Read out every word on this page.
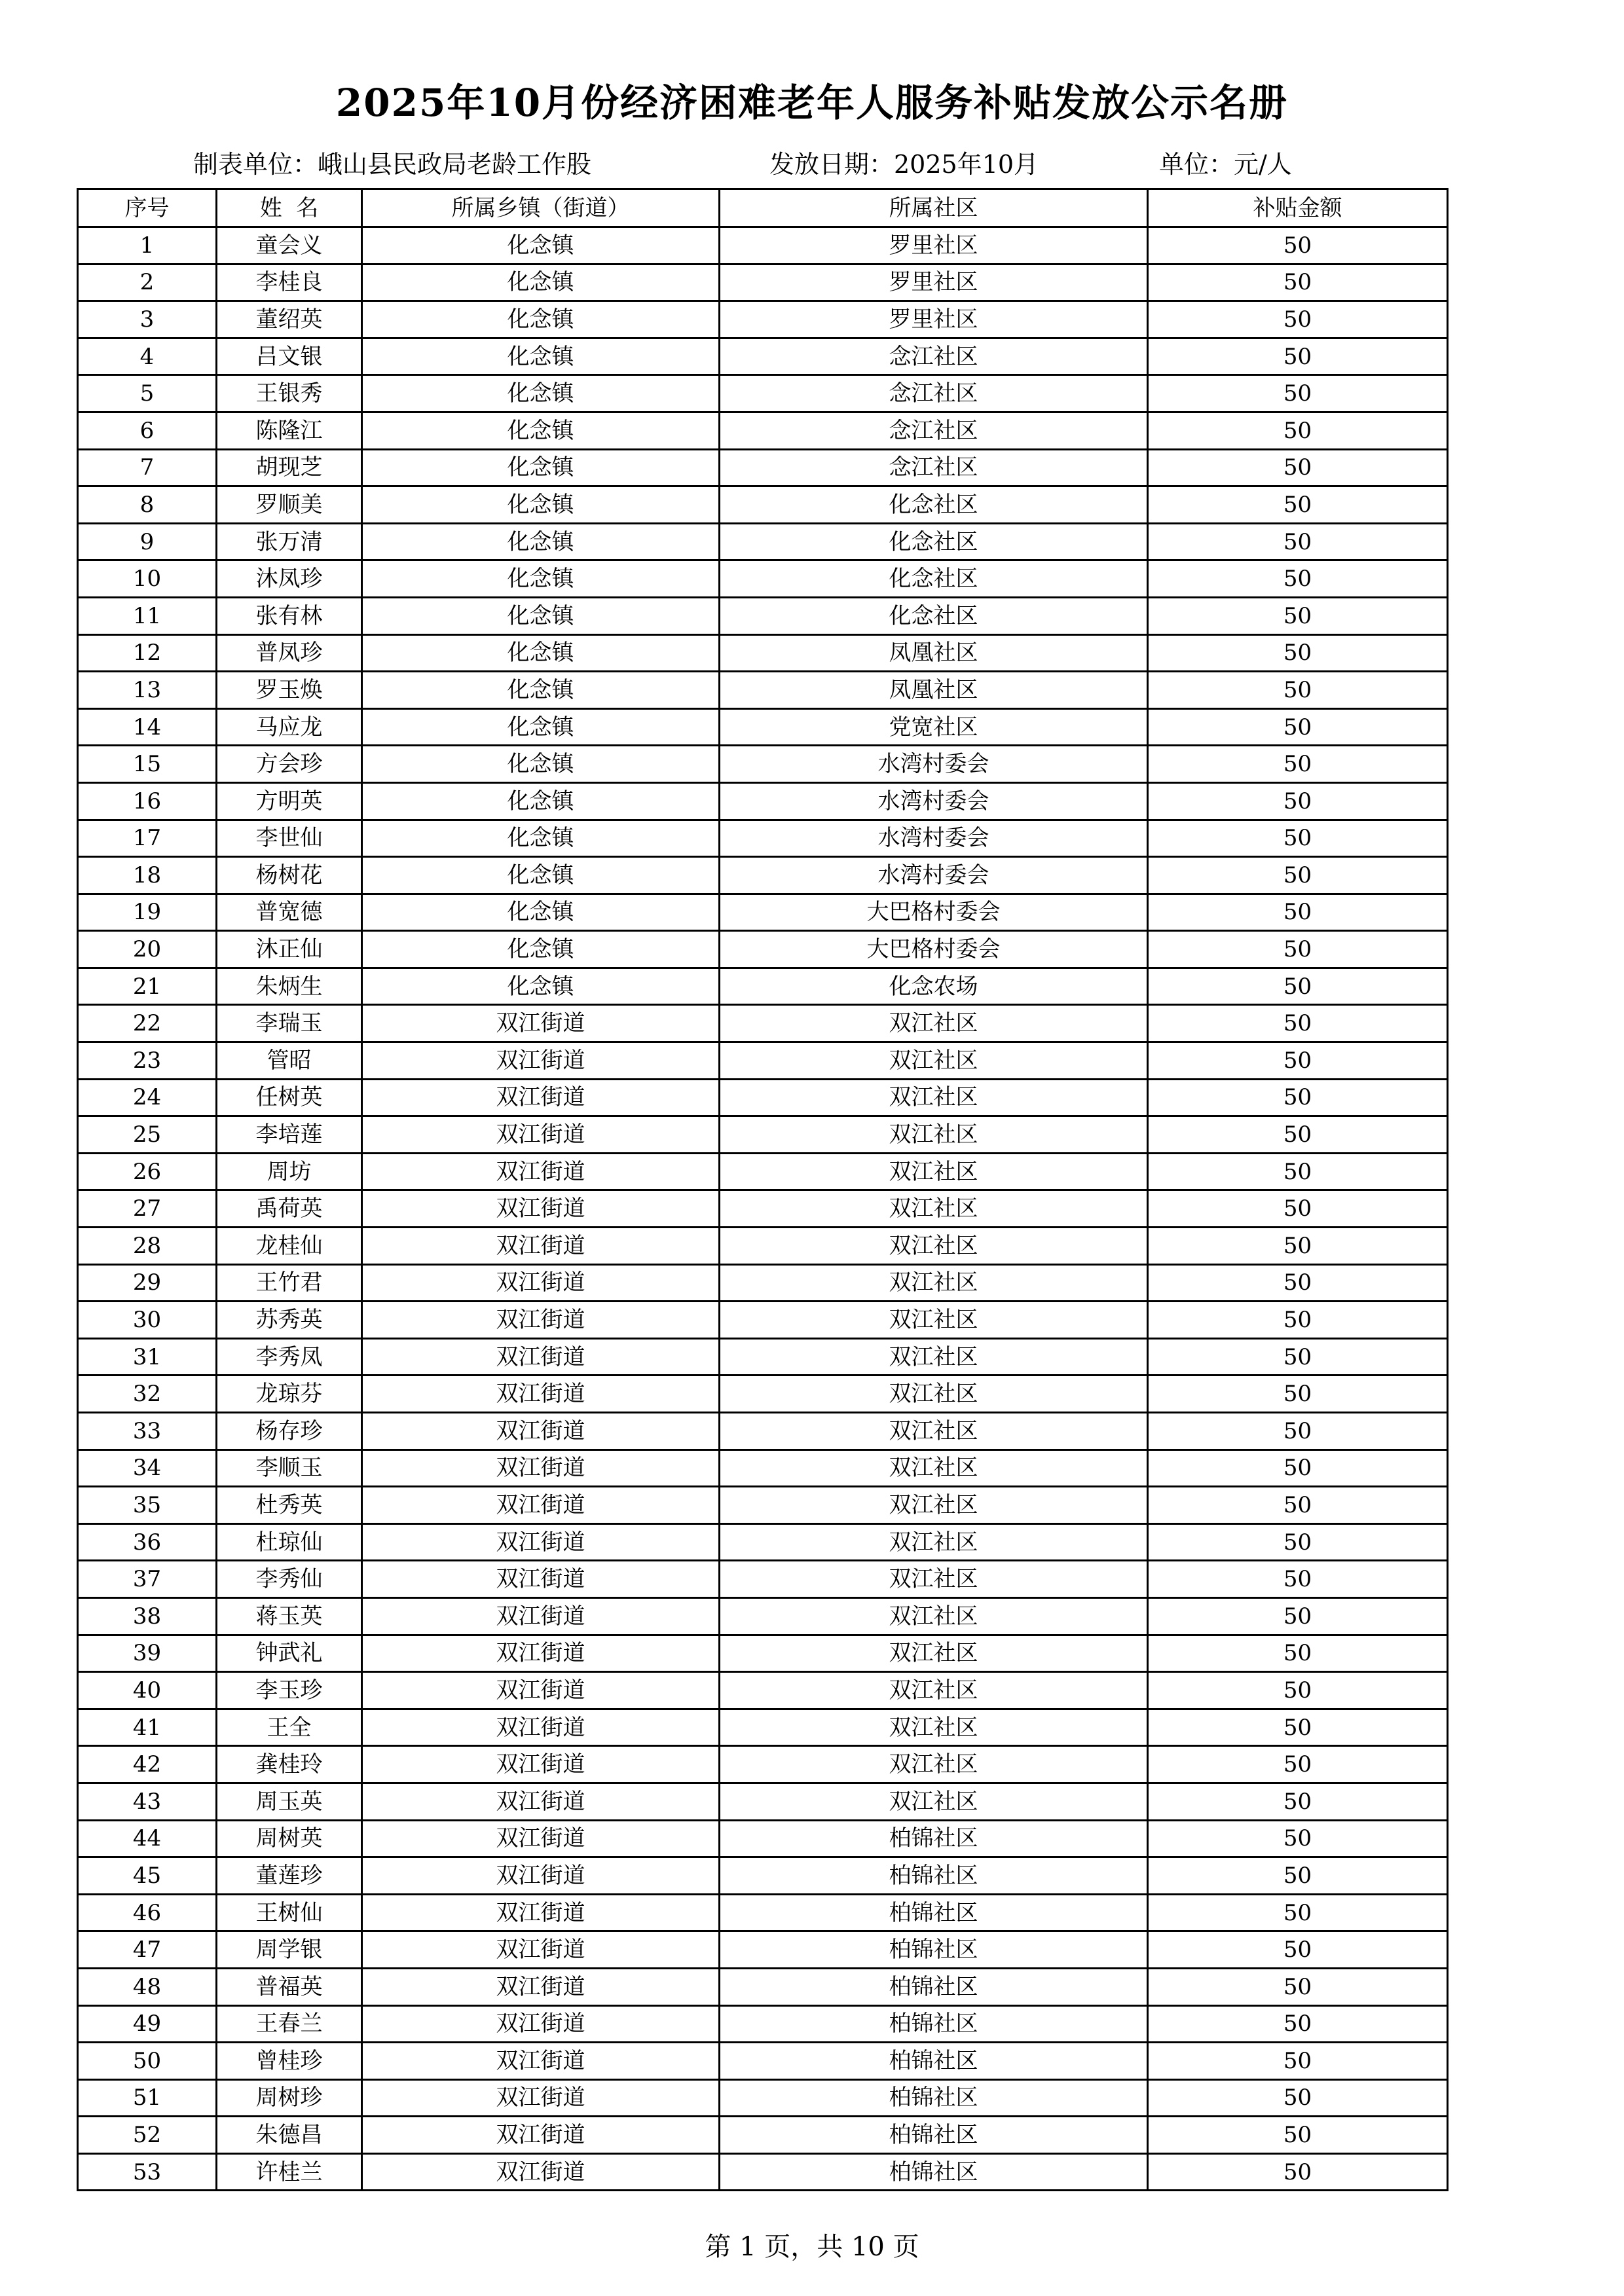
2025年10月份经济困难老年人服务补贴发放公示名册
制表单位：峨山县民政局老龄工作股	发放日期：2025年10月	单位：元/人
序号	姓  名	所属乡镇（街道）	所属社区	补贴金额
1	童会义	化念镇	罗里社区	50
2	李桂良	化念镇	罗里社区	50
3	董绍英	化念镇	罗里社区	50
4	吕文银	化念镇	念江社区	50
5	王银秀	化念镇	念江社区	50
6	陈隆江	化念镇	念江社区	50
7	胡现芝	化念镇	念江社区	50
8	罗顺美	化念镇	化念社区	50
9	张万清	化念镇	化念社区	50
10	沐凤珍	化念镇	化念社区	50
11	张有林	化念镇	化念社区	50
12	普凤珍	化念镇	凤凰社区	50
13	罗玉焕	化念镇	凤凰社区	50
14	马应龙	化念镇	党宽社区	50
15	方会珍	化念镇	水湾村委会	50
16	方明英	化念镇	水湾村委会	50
17	李世仙	化念镇	水湾村委会	50
18	杨树花	化念镇	水湾村委会	50
19	普宽德	化念镇	大巴格村委会	50
20	沐正仙	化念镇	大巴格村委会	50
21	朱炳生	化念镇	化念农场	50
22	李瑞玉	双江街道	双江社区	50
23	管昭	双江街道	双江社区	50
24	任树英	双江街道	双江社区	50
25	李培莲	双江街道	双江社区	50
26	周坊	双江街道	双江社区	50
27	禹荷英	双江街道	双江社区	50
28	龙桂仙	双江街道	双江社区	50
29	王竹君	双江街道	双江社区	50
30	苏秀英	双江街道	双江社区	50
31	李秀凤	双江街道	双江社区	50
32	龙琼芬	双江街道	双江社区	50
33	杨存珍	双江街道	双江社区	50
34	李顺玉	双江街道	双江社区	50
35	杜秀英	双江街道	双江社区	50
36	杜琼仙	双江街道	双江社区	50
37	李秀仙	双江街道	双江社区	50
38	蒋玉英	双江街道	双江社区	50
39	钟武礼	双江街道	双江社区	50
40	李玉珍	双江街道	双江社区	50
41	王全	双江街道	双江社区	50
42	龚桂玲	双江街道	双江社区	50
43	周玉英	双江街道	双江社区	50
44	周树英	双江街道	柏锦社区	50
45	董莲珍	双江街道	柏锦社区	50
46	王树仙	双江街道	柏锦社区	50
47	周学银	双江街道	柏锦社区	50
48	普福英	双江街道	柏锦社区	50
49	王春兰	双江街道	柏锦社区	50
50	曾桂珍	双江街道	柏锦社区	50
51	周树珍	双江街道	柏锦社区	50
52	朱德昌	双江街道	柏锦社区	50
53	许桂兰	双江街道	柏锦社区	50
第 1 页，共 10 页
